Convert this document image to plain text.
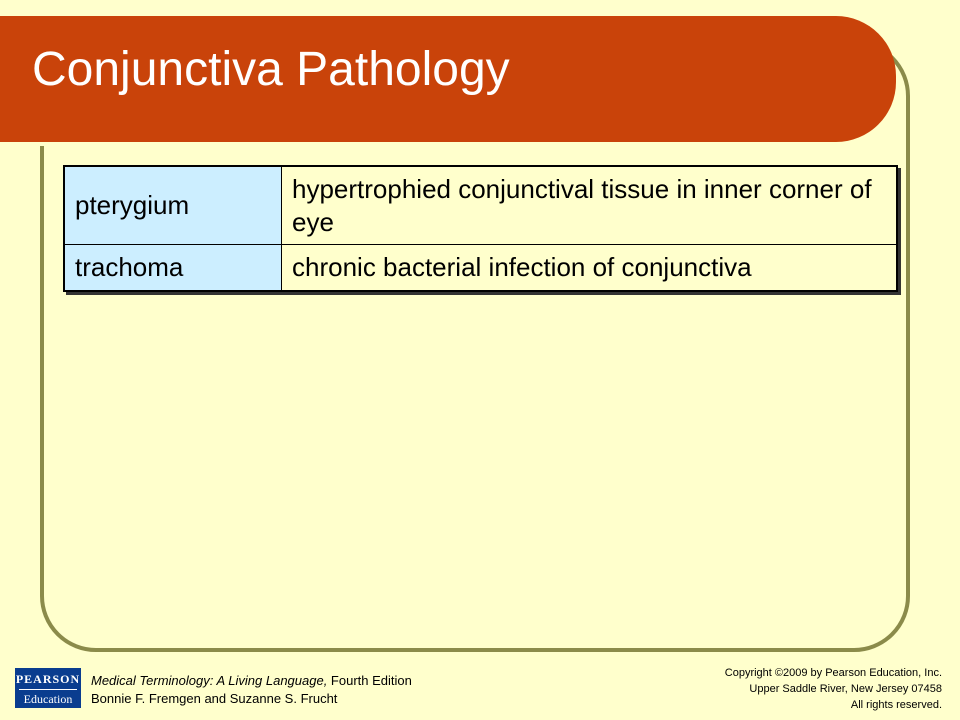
Conjunctiva Pathology
pterygium	hypertrophied conjunctival tissue in inner corner of eye
trachoma	chronic bacterial infection of conjunctiva
PEARSON
Education
Medical Terminology: A Living Language, Fourth Edition
Bonnie F. Fremgen and Suzanne S. Frucht
Copyright ©2009 by Pearson Education, Inc.
Upper Saddle River, New Jersey 07458
All rights reserved.
